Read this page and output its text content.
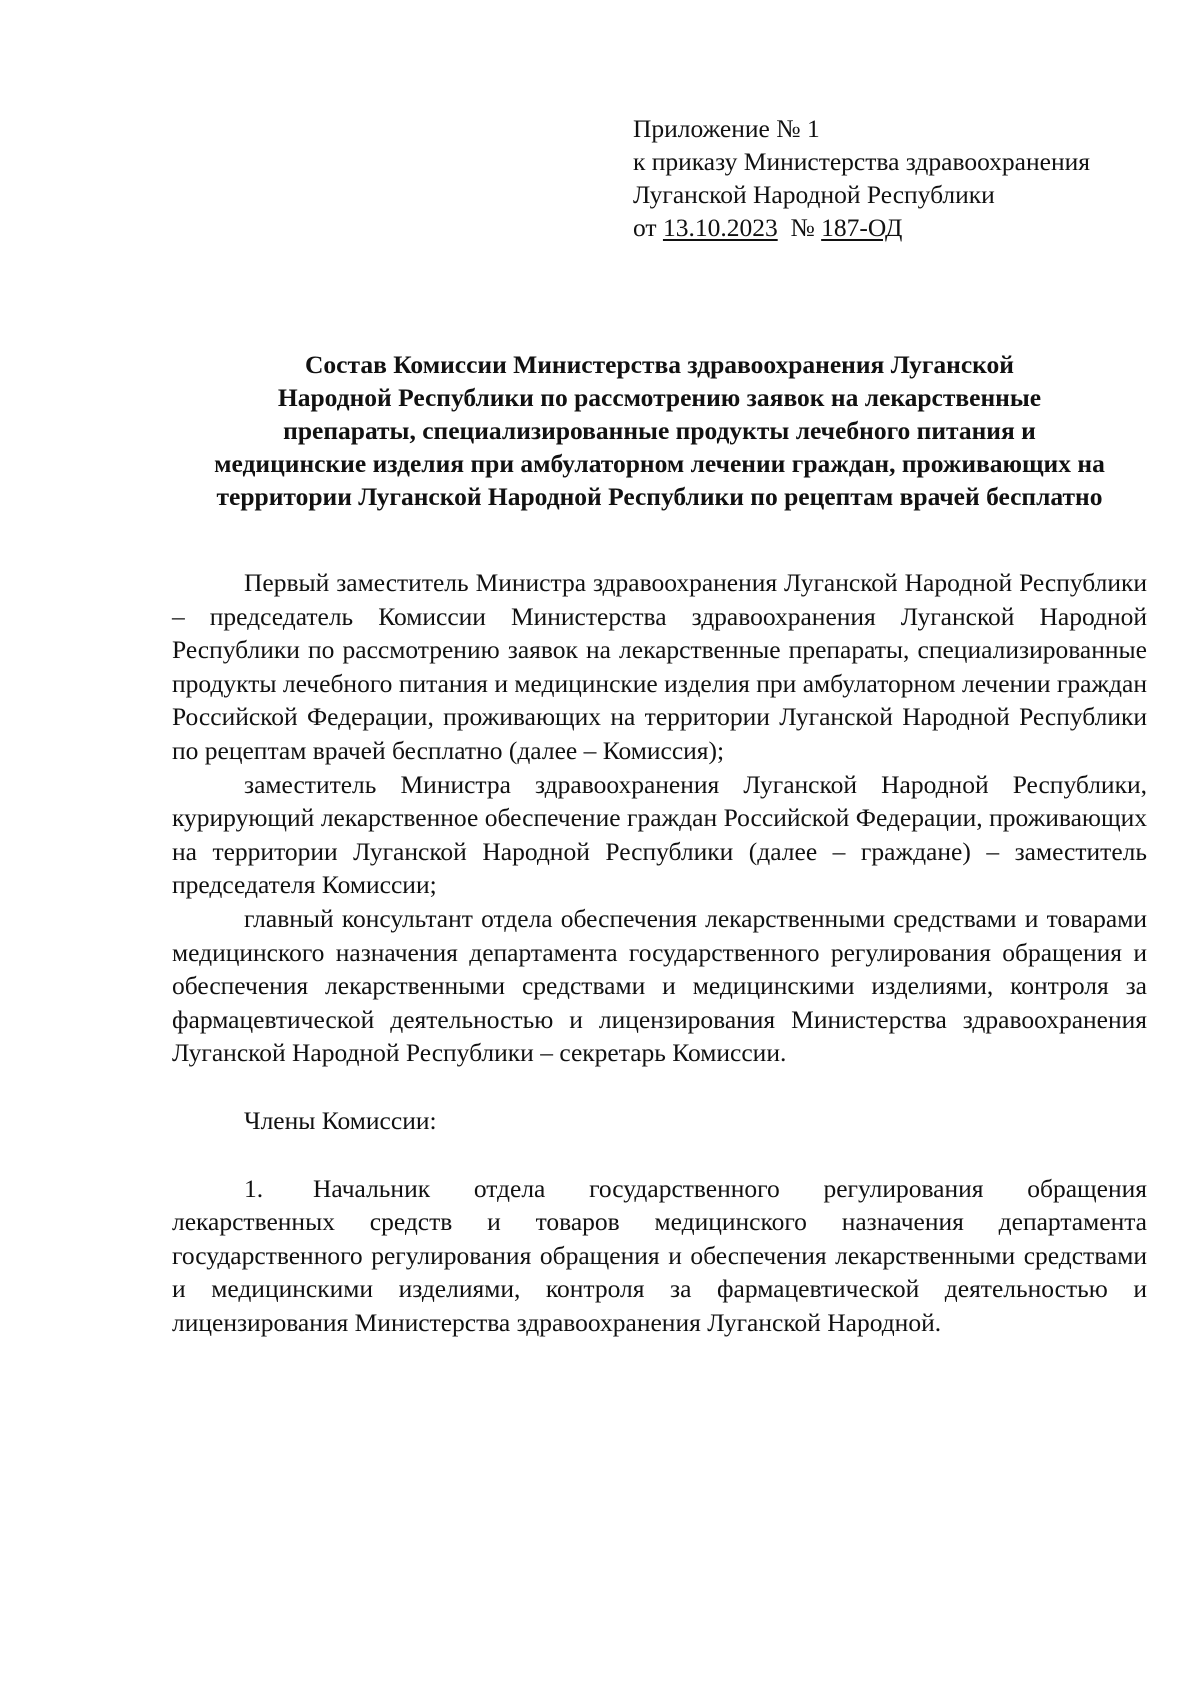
Приложение № 1
к приказу Министерства здравоохранения
Луганской Народной Республики
от 13.10.2023  № 187-ОД
Состав Комиссии Министерства здравоохранения Луганской
Народной Республики по рассмотрению заявок на лекарственные
препараты, специализированные продукты лечебного питания и
медицинские изделия при амбулаторном лечении граждан, проживающих на
территории Луганской Народной Республики по рецептам врачей бесплатно

Первый заместитель Министра здравоохранения Луганской Народной Республики – председатель Комиссии Министерства здравоохранения Луганской Народной Республики по рассмотрению заявок на лекарственные препараты, специализированные продукты лечебного питания и медицинские изделия при амбулаторном лечении граждан Российской Федерации, проживающих на территории Луганской Народной Республики по рецептам врачей бесплатно (далее – Комиссия);

заместитель Министра здравоохранения Луганской Народной Республики, курирующий лекарственное обеспечение граждан Российской Федерации, проживающих на территории Луганской Народной Республики (далее – граждане) – заместитель председателя Комиссии;

главный консультант отдела обеспечения лекарственными средствами и товарами медицинского назначения департамента государственного регулирования обращения и обеспечения лекарственными средствами и медицинскими изделиями, контроля за фармацевтической деятельностью и лицензирования Министерства здравоохранения Луганской Народной Республики – секретарь Комиссии.

Члены Комиссии:

1. Начальник отдела государственного регулирования обращения лекарственных средств и товаров медицинского назначения департамента государственного регулирования обращения и обеспечения лекарственными средствами и медицинскими изделиями, контроля за фармацевтической деятельностью и лицензирования Министерства здравоохранения Луганской Народной.
